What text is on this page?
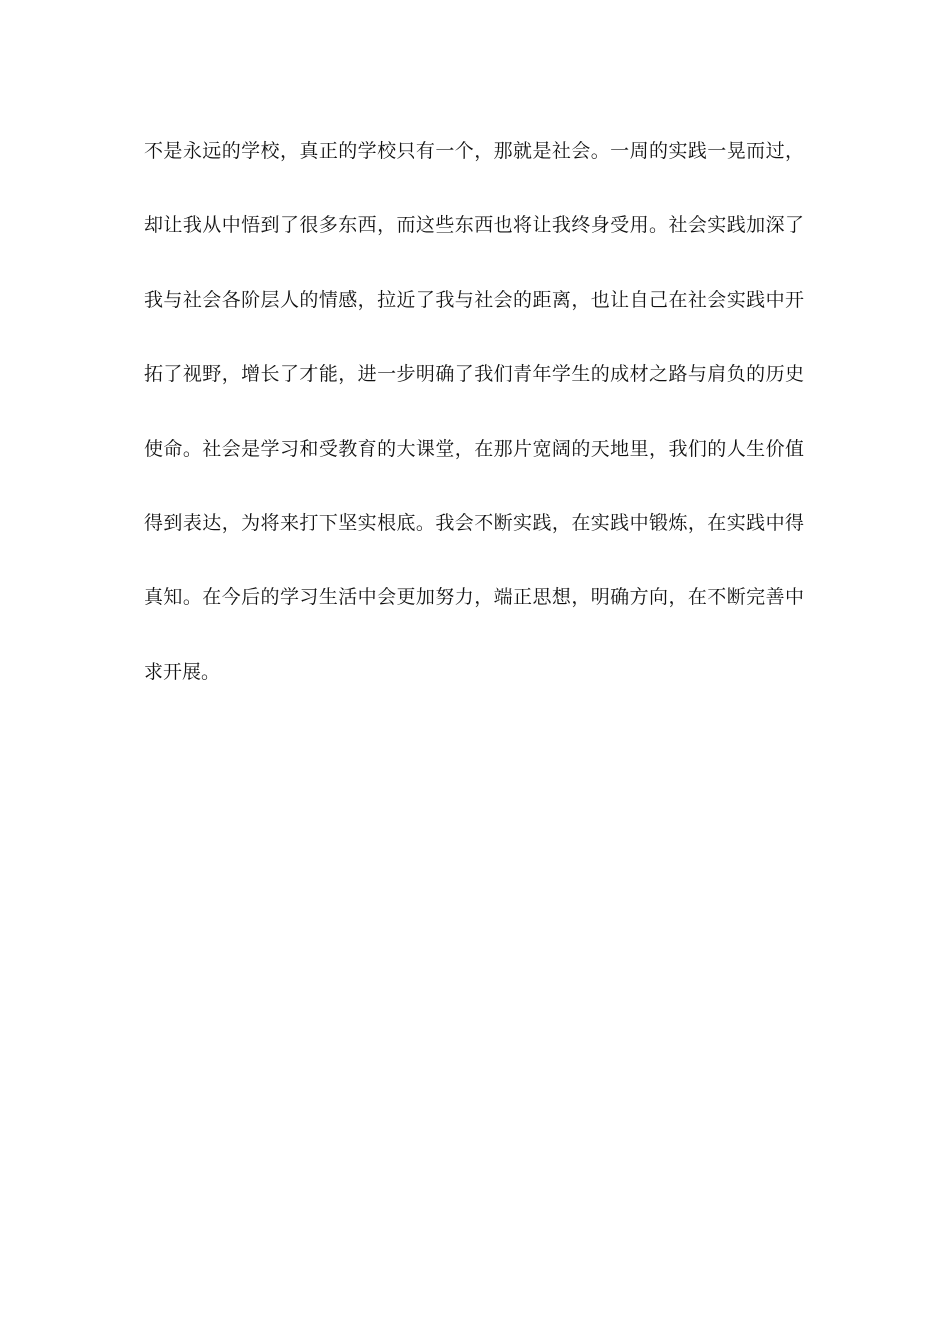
不是永远的学校，真正的学校只有一个，那就是社会。一周的实践一晃而过，
却让我从中悟到了很多东西，而这些东西也将让我终身受用。社会实践加深了
我与社会各阶层人的情感，拉近了我与社会的距离，也让自己在社会实践中开
拓了视野，增长了才能，进一步明确了我们青年学生的成材之路与肩负的历史
使命。社会是学习和受教育的大课堂，在那片宽阔的天地里，我们的人生价值
得到表达，为将来打下坚实根底。我会不断实践，在实践中锻炼，在实践中得
真知。在今后的学习生活中会更加努力，端正思想，明确方向，在不断完善中
求开展。
